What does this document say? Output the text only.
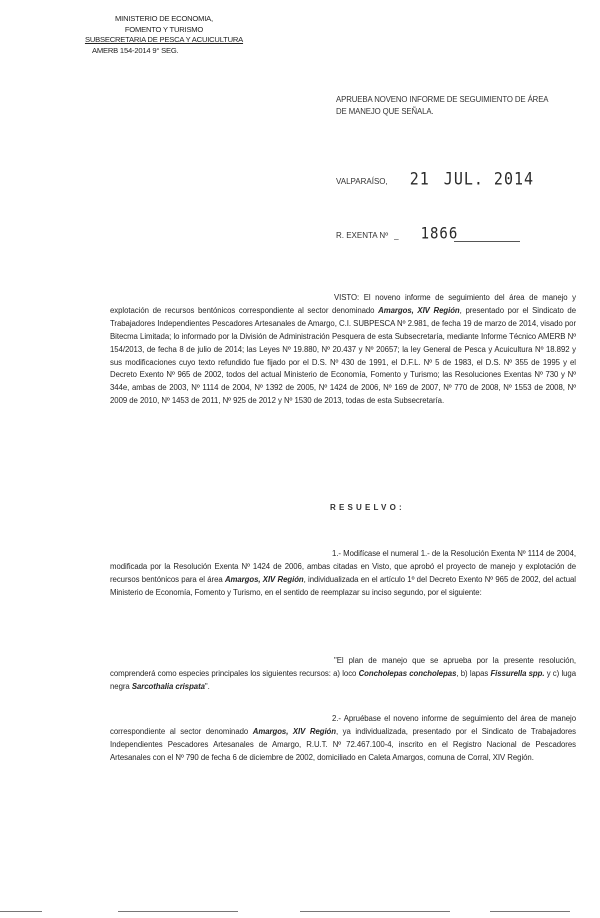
MINISTERIO DE ECONOMIA,
FOMENTO Y TURISMO
SUBSECRETARIA DE PESCA Y ACUICULTURA
AMERB 154-2014 9° SEG.
APRUEBA NOVENO INFORME DE SEGUIMIENTO DE ÁREA DE MANEJO QUE SEÑALA.
VALPARAÍSO, 21 JUL. 2014
R. EXENTA Nº _ 1866
VISTO: El noveno informe de seguimiento del área de manejo y explotación de recursos bentónicos correspondiente al sector denominado Amargos, XIV Región, presentado por el Sindicato de Trabajadores Independientes Pescadores Artesanales de Amargo, C.I. SUBPESCA Nº 2.981, de fecha 19 de marzo de 2014, visado por Bitecma Limitada; lo informado por la División de Administración Pesquera de esta Subsecretaría, mediante Informe Técnico AMERB Nº 154/2013, de fecha 8 de julio de 2014; las Leyes Nº 19.880, Nº 20.437 y Nº 20657; la ley General de Pesca y Acuicultura Nº 18.892 y sus modificaciones cuyo texto refundido fue fijado por el D.S. Nº 430 de 1991, el D.F.L. Nº 5 de 1983, el D.S. Nº 355 de 1995 y el Decreto Exento Nº 965 de 2002, todos del actual Ministerio de Economía, Fomento y Turismo; las Resoluciones Exentas Nº 730 y Nº 344e, ambas de 2003, Nº 1114 de 2004, Nº 1392 de 2005, Nº 1424 de 2006, Nº 169 de 2007, Nº 770 de 2008, Nº 1553 de 2008, Nº 2009 de 2010, Nº 1453 de 2011, Nº 925 de 2012 y Nº 1530 de 2013, todas de esta Subsecretaría.
RESUELVO:
1.- Modifícase el numeral 1.- de la Resolución Exenta Nº 1114 de 2004, modificada por la Resolución Exenta Nº 1424 de 2006, ambas citadas en Visto, que aprobó el proyecto de manejo y explotación de recursos bentónicos para el área Amargos, XIV Región, individualizada en el artículo 1º del Decreto Exento Nº 965 de 2002, del actual Ministerio de Economía, Fomento y Turismo, en el sentido de reemplazar su inciso segundo, por el siguiente:
"El plan de manejo que se aprueba por la presente resolución, comprenderá como especies principales los siguientes recursos: a) loco Concholepas concholepas, b) lapas Fissurella spp. y c) luga negra Sarcothalia crispata".
2.- Apruébase el noveno informe de seguimiento del área de manejo correspondiente al sector denominado Amargos, XIV Región, ya individualizada, presentado por el Sindicato de Trabajadores Independientes Pescadores Artesanales de Amargo, R.U.T. Nº 72.467.100-4, inscrito en el Registro Nacional de Pescadores Artesanales con el Nº 790 de fecha 6 de diciembre de 2002, domiciliado en Caleta Amargos, comuna de Corral, XIV Región.
